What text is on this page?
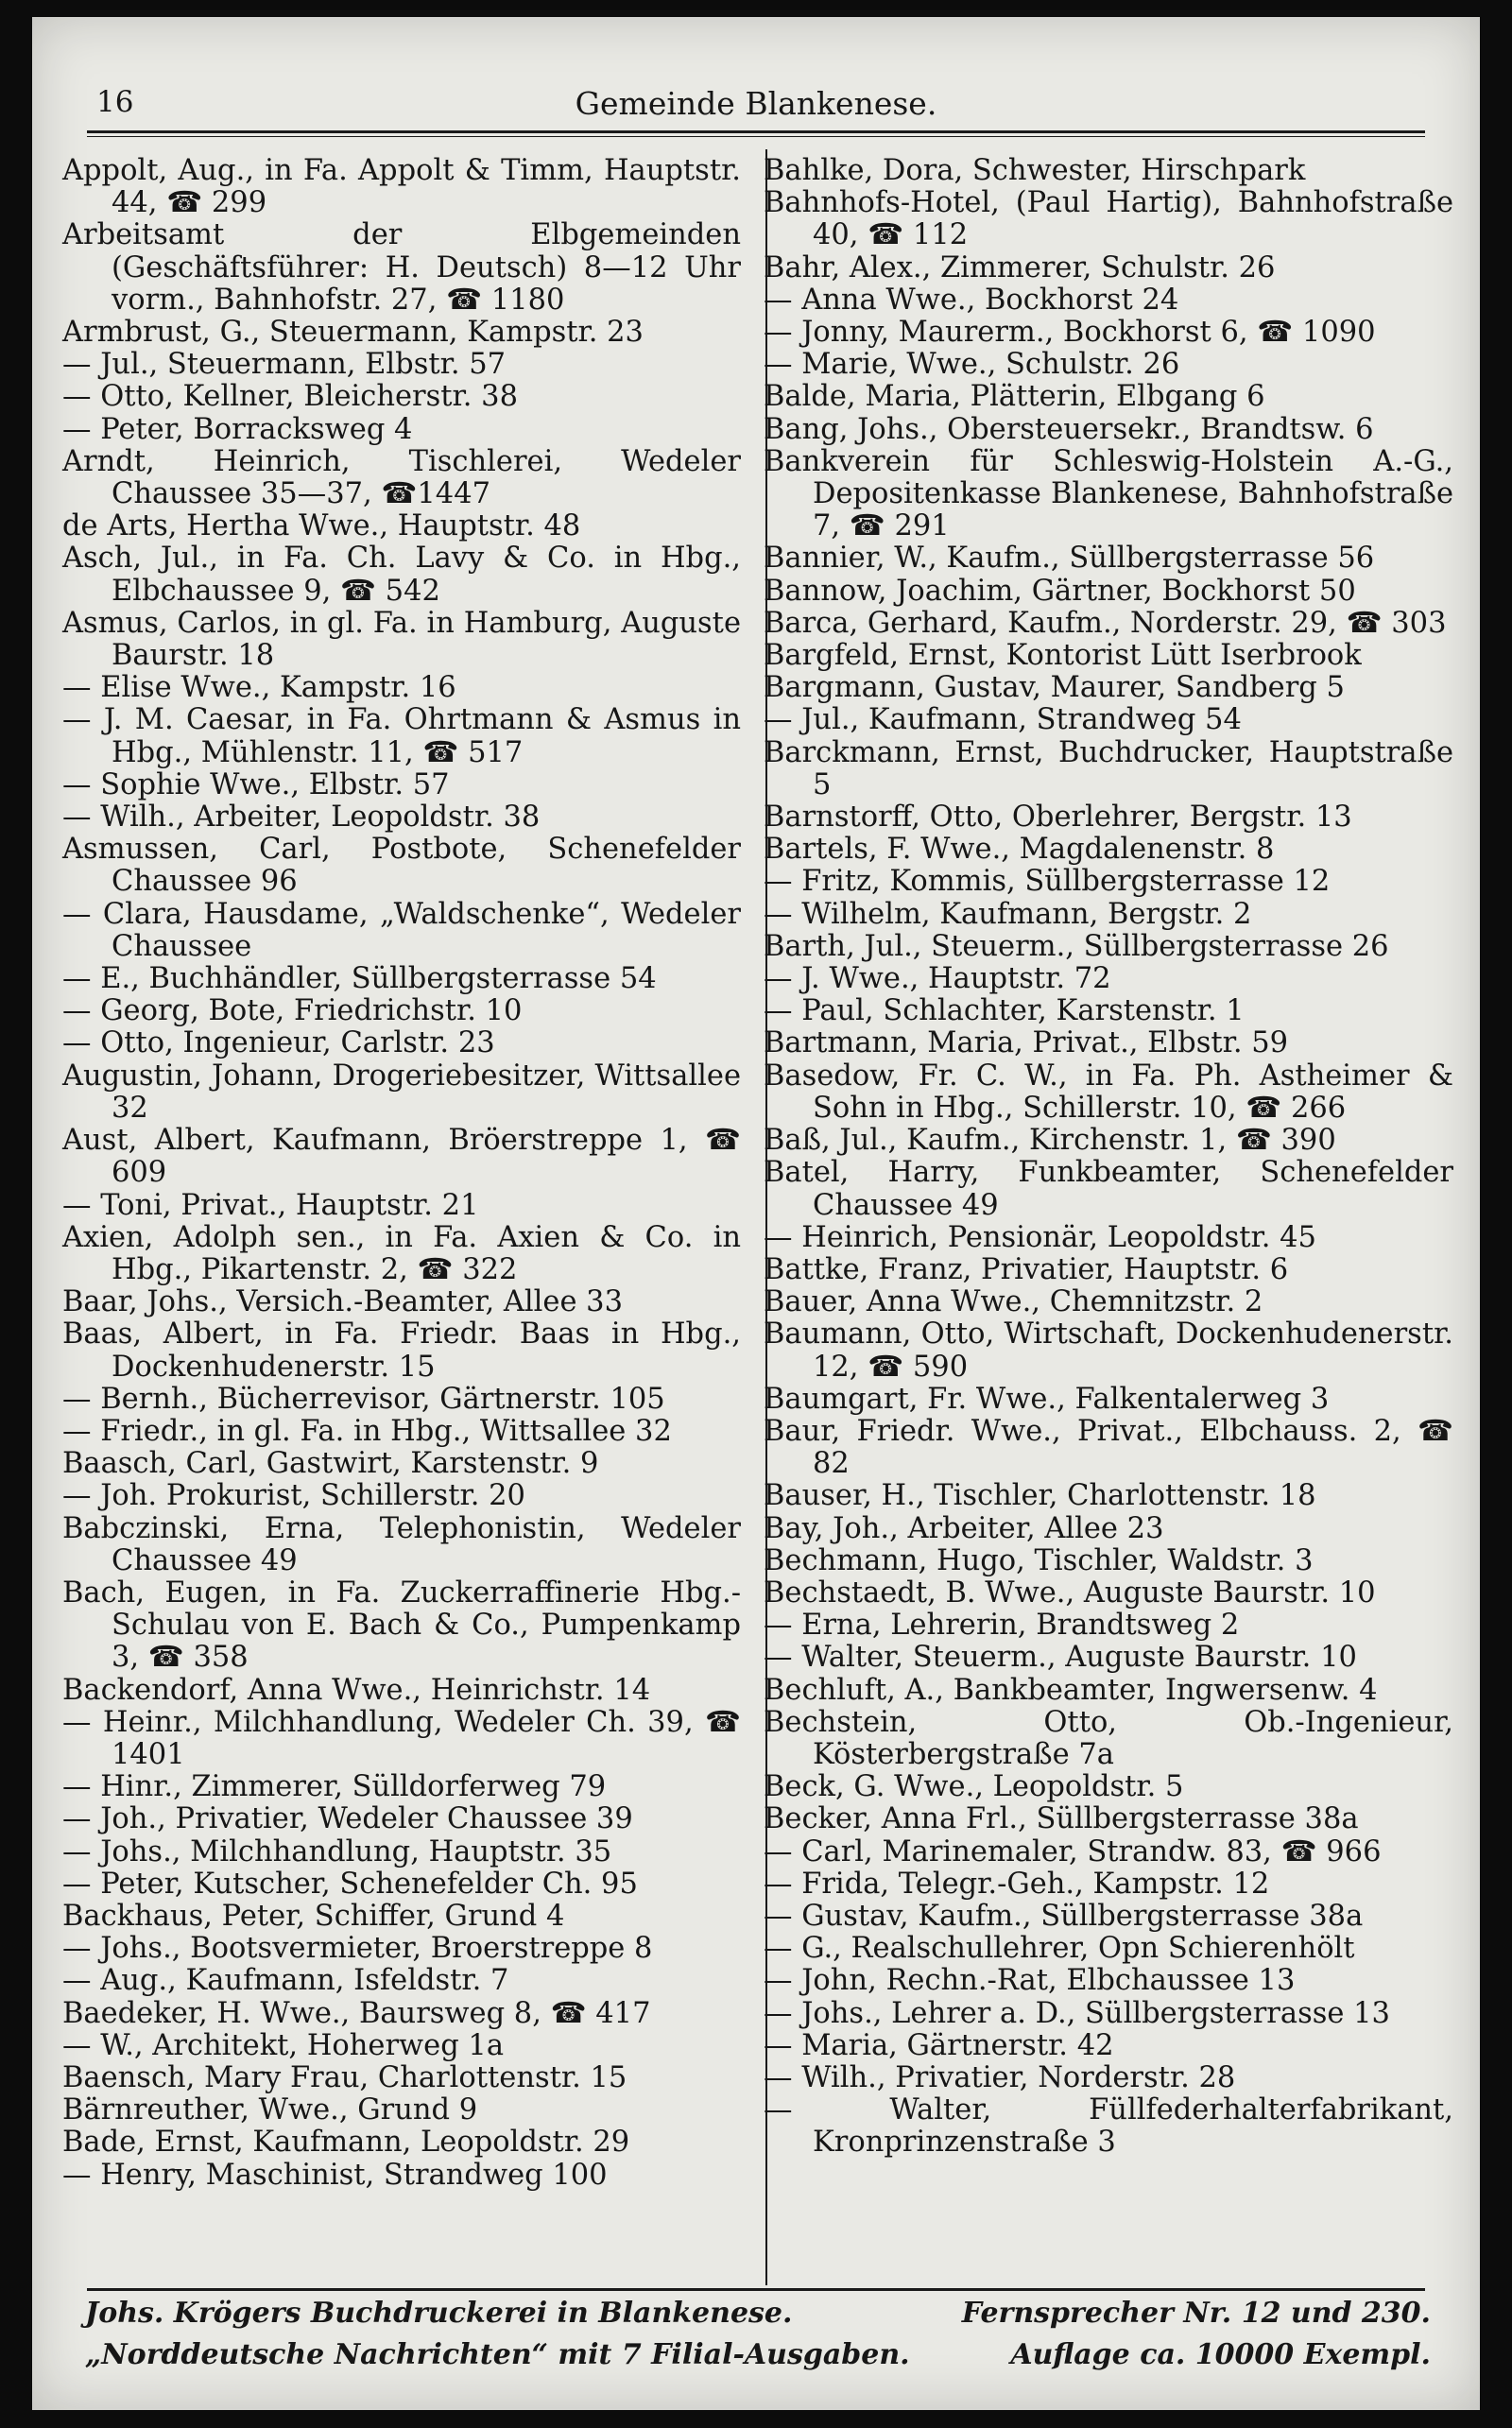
16	Gemeinde Blankenese.

Appolt, Aug., in Fa. Appolt & Timm, Hauptstr. 44, ☎ 299

Arbeitsamt der Elbgemeinden (Geschäftsführer: H. Deutsch) 8—12 Uhr vorm., Bahnhofstr. 27, ☎ 1180

Armbrust, G., Steuermann, Kampstr. 23

— Jul., Steuermann, Elbstr. 57

— Otto, Kellner, Bleicherstr. 38

— Peter, Borracksweg 4

Arndt, Heinrich, Tischlerei, Wedeler Chaussee 35—37, ☎1447

de Arts, Hertha Wwe., Hauptstr. 48

Asch, Jul., in Fa. Ch. Lavy & Co. in Hbg., Elbchaussee 9, ☎ 542

Asmus, Carlos, in gl. Fa. in Hamburg, Auguste Baurstr. 18

— Elise Wwe., Kampstr. 16

— J. M. Caesar, in Fa. Ohrtmann & Asmus in Hbg., Mühlenstr. 11, ☎ 517

— Sophie Wwe., Elbstr. 57

— Wilh., Arbeiter, Leopoldstr. 38

Asmussen, Carl, Postbote, Schenefelder Chaussee 96

— Clara, Hausdame, „Waldschenke“, Wedeler Chaussee

— E., Buchhändler, Süllbergsterrasse 54

— Georg, Bote, Friedrichstr. 10

— Otto, Ingenieur, Carlstr. 23

Augustin, Johann, Drogeriebesitzer, Wittsallee 32

Aust, Albert, Kaufmann, Bröerstreppe 1, ☎ 609

— Toni, Privat., Hauptstr. 21

Axien, Adolph sen., in Fa. Axien & Co. in Hbg., Pikartenstr. 2, ☎ 322

Baar, Johs., Versich.-Beamter, Allee 33

Baas, Albert, in Fa. Friedr. Baas in Hbg., Dockenhudenerstr. 15

— Bernh., Bücherrevisor, Gärtnerstr. 105

— Friedr., in gl. Fa. in Hbg., Wittsallee 32

Baasch, Carl, Gastwirt, Karstenstr. 9

— Joh. Prokurist, Schillerstr. 20

Babczinski, Erna, Telephonistin, Wedeler Chaussee 49

Bach, Eugen, in Fa. Zuckerraffinerie Hbg.-Schulau von E. Bach & Co., Pumpenkamp 3, ☎ 358

Backendorf, Anna Wwe., Heinrichstr. 14

— Heinr., Milchhandlung, Wedeler Ch. 39, ☎ 1401

— Hinr., Zimmerer, Sülldorferweg 79

— Joh., Privatier, Wedeler Chaussee 39

— Johs., Milchhandlung, Hauptstr. 35

— Peter, Kutscher, Schenefelder Ch. 95

Backhaus, Peter, Schiffer, Grund 4

— Johs., Bootsvermieter, Broerstreppe 8

— Aug., Kaufmann, Isfeldstr. 7

Baedeker, H. Wwe., Baursweg 8, ☎ 417

— W., Architekt, Hoherweg 1a

Baensch, Mary Frau, Charlottenstr. 15

Bärnreuther, Wwe., Grund 9

Bade, Ernst, Kaufmann, Leopoldstr. 29

— Henry, Maschinist, Strandweg 100

Bahlke, Dora, Schwester, Hirschpark

Bahnhofs-Hotel, (Paul Hartig), Bahnhofstraße 40, ☎ 112

Bahr, Alex., Zimmerer, Schulstr. 26

— Anna Wwe., Bockhorst 24

— Jonny, Maurerm., Bockhorst 6, ☎ 1090

— Marie, Wwe., Schulstr. 26

Balde, Maria, Plätterin, Elbgang 6

Bang, Johs., Obersteuersekr., Brandtsw. 6

Bankverein für Schleswig-Holstein A.-G., Depositenkasse Blankenese, Bahnhofstraße 7, ☎ 291

Bannier, W., Kaufm., Süllbergsterrasse 56

Bannow, Joachim, Gärtner, Bockhorst 50

Barca, Gerhard, Kaufm., Norderstr. 29, ☎ 303

Bargfeld, Ernst, Kontorist Lütt Iserbrook

Bargmann, Gustav, Maurer, Sandberg 5

— Jul., Kaufmann, Strandweg 54

Barckmann, Ernst, Buchdrucker, Hauptstraße 5

Barnstorff, Otto, Oberlehrer, Bergstr. 13

Bartels, F. Wwe., Magdalenenstr. 8

— Fritz, Kommis, Süllbergsterrasse 12

— Wilhelm, Kaufmann, Bergstr. 2

Barth, Jul., Steuerm., Süllbergsterrasse 26

— J. Wwe., Hauptstr. 72

— Paul, Schlachter, Karstenstr. 1

Bartmann, Maria, Privat., Elbstr. 59

Basedow, Fr. C. W., in Fa. Ph. Astheimer & Sohn in Hbg., Schillerstr. 10, ☎ 266

Baß, Jul., Kaufm., Kirchenstr. 1, ☎ 390

Batel, Harry, Funkbeamter, Schenefelder Chaussee 49

— Heinrich, Pensionär, Leopoldstr. 45

Battke, Franz, Privatier, Hauptstr. 6

Bauer, Anna Wwe., Chemnitzstr. 2

Baumann, Otto, Wirtschaft, Dockenhudenerstr. 12, ☎ 590

Baumgart, Fr. Wwe., Falkentalerweg 3

Baur, Friedr. Wwe., Privat., Elbchauss. 2, ☎ 82

Bauser, H., Tischler, Charlottenstr. 18

Bay, Joh., Arbeiter, Allee 23

Bechmann, Hugo, Tischler, Waldstr. 3

Bechstaedt, B. Wwe., Auguste Baurstr. 10

— Erna, Lehrerin, Brandtsweg 2

— Walter, Steuerm., Auguste Baurstr. 10

Bechluft, A., Bankbeamter, Ingwersenw. 4

Bechstein, Otto, Ob.-Ingenieur, Kösterbergstraße 7a

Beck, G. Wwe., Leopoldstr. 5

Becker, Anna Frl., Süllbergsterrasse 38a

— Carl, Marinemaler, Strandw. 83, ☎ 966

— Frida, Telegr.-Geh., Kampstr. 12

— Gustav, Kaufm., Süllbergsterrasse 38a

— G., Realschullehrer, Opn Schierenhölt

— John, Rechn.-Rat, Elbchaussee 13

— Johs., Lehrer a. D., Süllbergsterrasse 13

— Maria, Gärtnerstr. 42

— Wilh., Privatier, Norderstr. 28

— Walter, Füllfederhalterfabrikant, Kronprinzenstraße 3

Johs. Krögers Buchdruckerei in Blankenese.	Fernsprecher Nr. 12 und 230.
„Norddeutsche Nachrichten“ mit 7 Filial-Ausgaben.	Auflage ca. 10000 Exempl.
